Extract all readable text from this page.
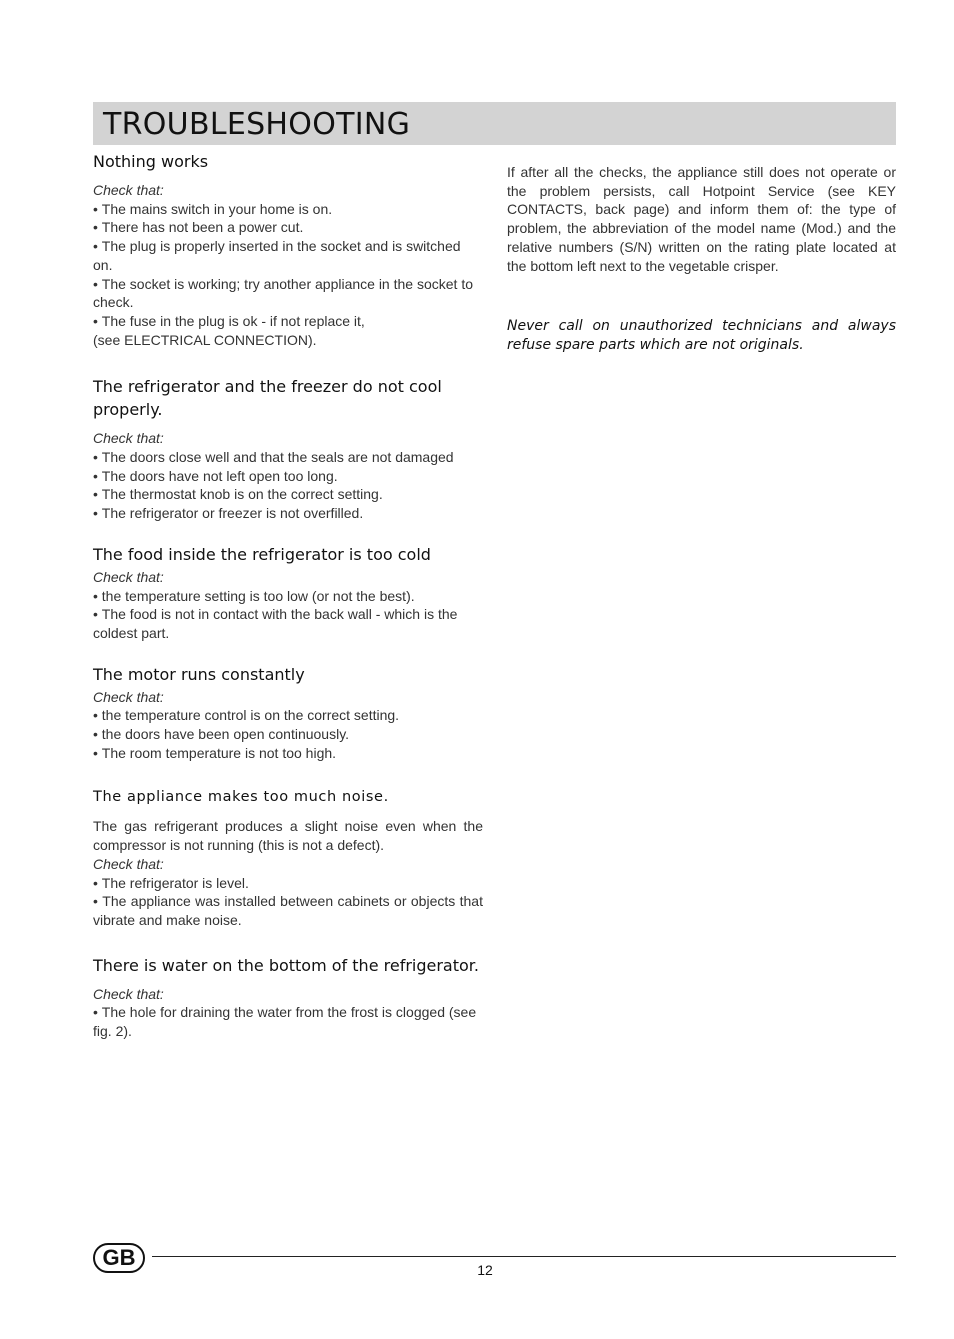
TROUBLESHOOTING
Nothing works
Check that:

• The mains switch in your home is on.

• There has not been a power cut.

• The plug is properly inserted in the socket and is switched on.

• The socket is working; try another appliance in the socket to check.

• The fuse in the plug is ok - if not replace it,

(see ELECTRICAL CONNECTION).

The refrigerator and the freezer do not cool properly.
Check that:

• The doors close well and that the seals are not damaged

• The doors have not left open too long.

• The thermostat knob is on the correct setting.

• The refrigerator or freezer is not overfilled.

The food inside the refrigerator is too cold
Check that:

• the temperature setting is too low (or not the best).

• The food is not in contact with the back wall - which is the coldest part.

The motor runs constantly
Check that:

• the temperature control is on the correct setting.

• the doors have been open continuously.

• The room temperature is not too high.

The appliance makes too much noise.

The gas refrigerant produces a slight noise even when the compressor is not running (this is not a defect).

Check that:

• The refrigerator is level.

• The appliance was installed between cabinets or objects that vibrate and make noise.

There is water on the bottom of the refrigerator.
Check that:

• The hole for draining the water from the frost is clogged (see fig. 2).

If after all the checks, the appliance still does not operate or the problem persists, call Hotpoint Service (see KEY CONTACTS, back page) and inform them of: the type of problem, the abbreviation of the model name (Mod.) and the relative numbers (S/N) written on the rating plate located at the bottom left next to the vegetable crisper.

Never call on unauthorized technicians and always refuse spare parts which are not originals.

GB	12
